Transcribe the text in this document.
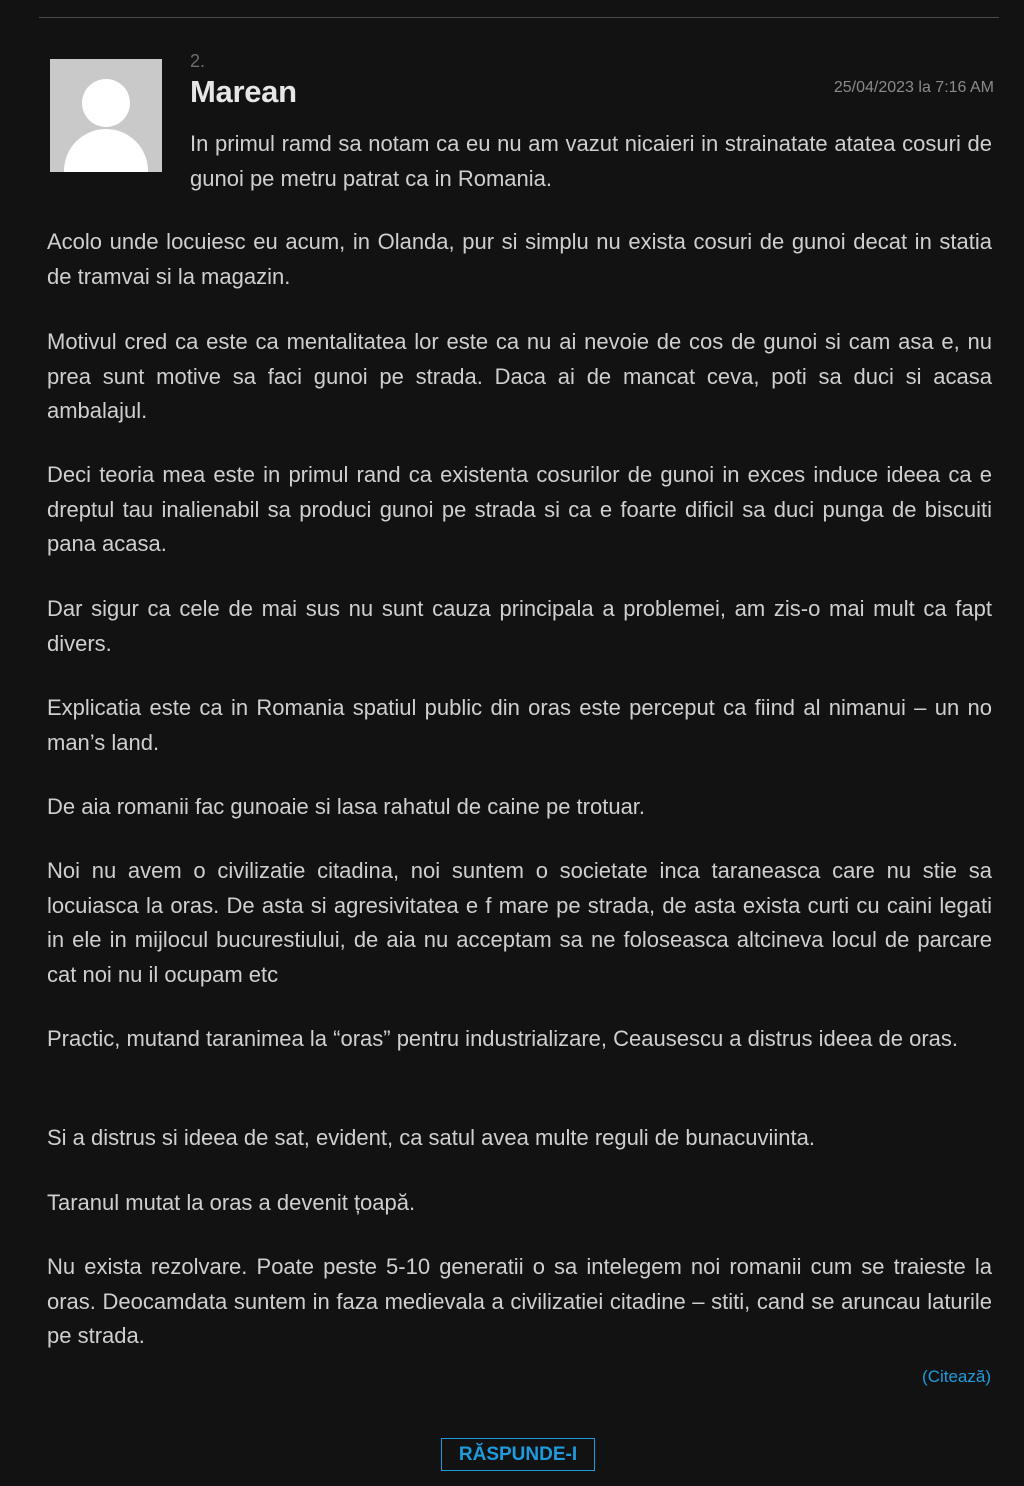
2.
Marean	25/04/2023 la 7:16 AM

In primul ramd sa notam ca eu nu am vazut nicaieri in strainatate atatea cosuri de gunoi pe metru patrat ca in Romania.

Acolo unde locuiesc eu acum, in Olanda, pur si simplu nu exista cosuri de gunoi decat in statia de tramvai si la magazin.

Motivul cred ca este ca mentalitatea lor este ca nu ai nevoie de cos de gunoi si cam asa e, nu prea sunt motive sa faci gunoi pe strada. Daca ai de mancat ceva, poti sa duci si acasa ambalajul.

Deci teoria mea este in primul rand ca existenta cosurilor de gunoi in exces induce ideea ca e dreptul tau inalienabil sa produci gunoi pe strada si ca e foarte dificil sa duci punga de biscuiti pana acasa.

Dar sigur ca cele de mai sus nu sunt cauza principala a problemei, am zis-o mai mult ca fapt divers.

Explicatia este ca in Romania spatiul public din oras este perceput ca fiind al nimanui – un no man’s land.

De aia romanii fac gunoaie si lasa rahatul de caine pe trotuar.

Noi nu avem o civilizatie citadina, noi suntem o societate inca taraneasca care nu stie sa locuiasca la oras. De asta si agresivitatea e f mare pe strada, de asta exista curti cu caini legati in ele in mijlocul bucurestiului, de aia nu acceptam sa ne foloseasca altcineva locul de parcare cat noi nu il ocupam etc

Practic, mutand taranimea la “oras” pentru industrializare, Ceausescu a distrus ideea de oras.

Si a distrus si ideea de sat, evident, ca satul avea multe reguli de bunacuviinta.

Taranul mutat la oras a devenit țoapă.

Nu exista rezolvare. Poate peste 5-10 generatii o sa intelegem noi romanii cum se traieste la oras. Deocamdata suntem in faza medievala a civilizatiei citadine – stiti, cand se aruncau laturile pe strada.

(Citează)
RĂSPUNDE-I
